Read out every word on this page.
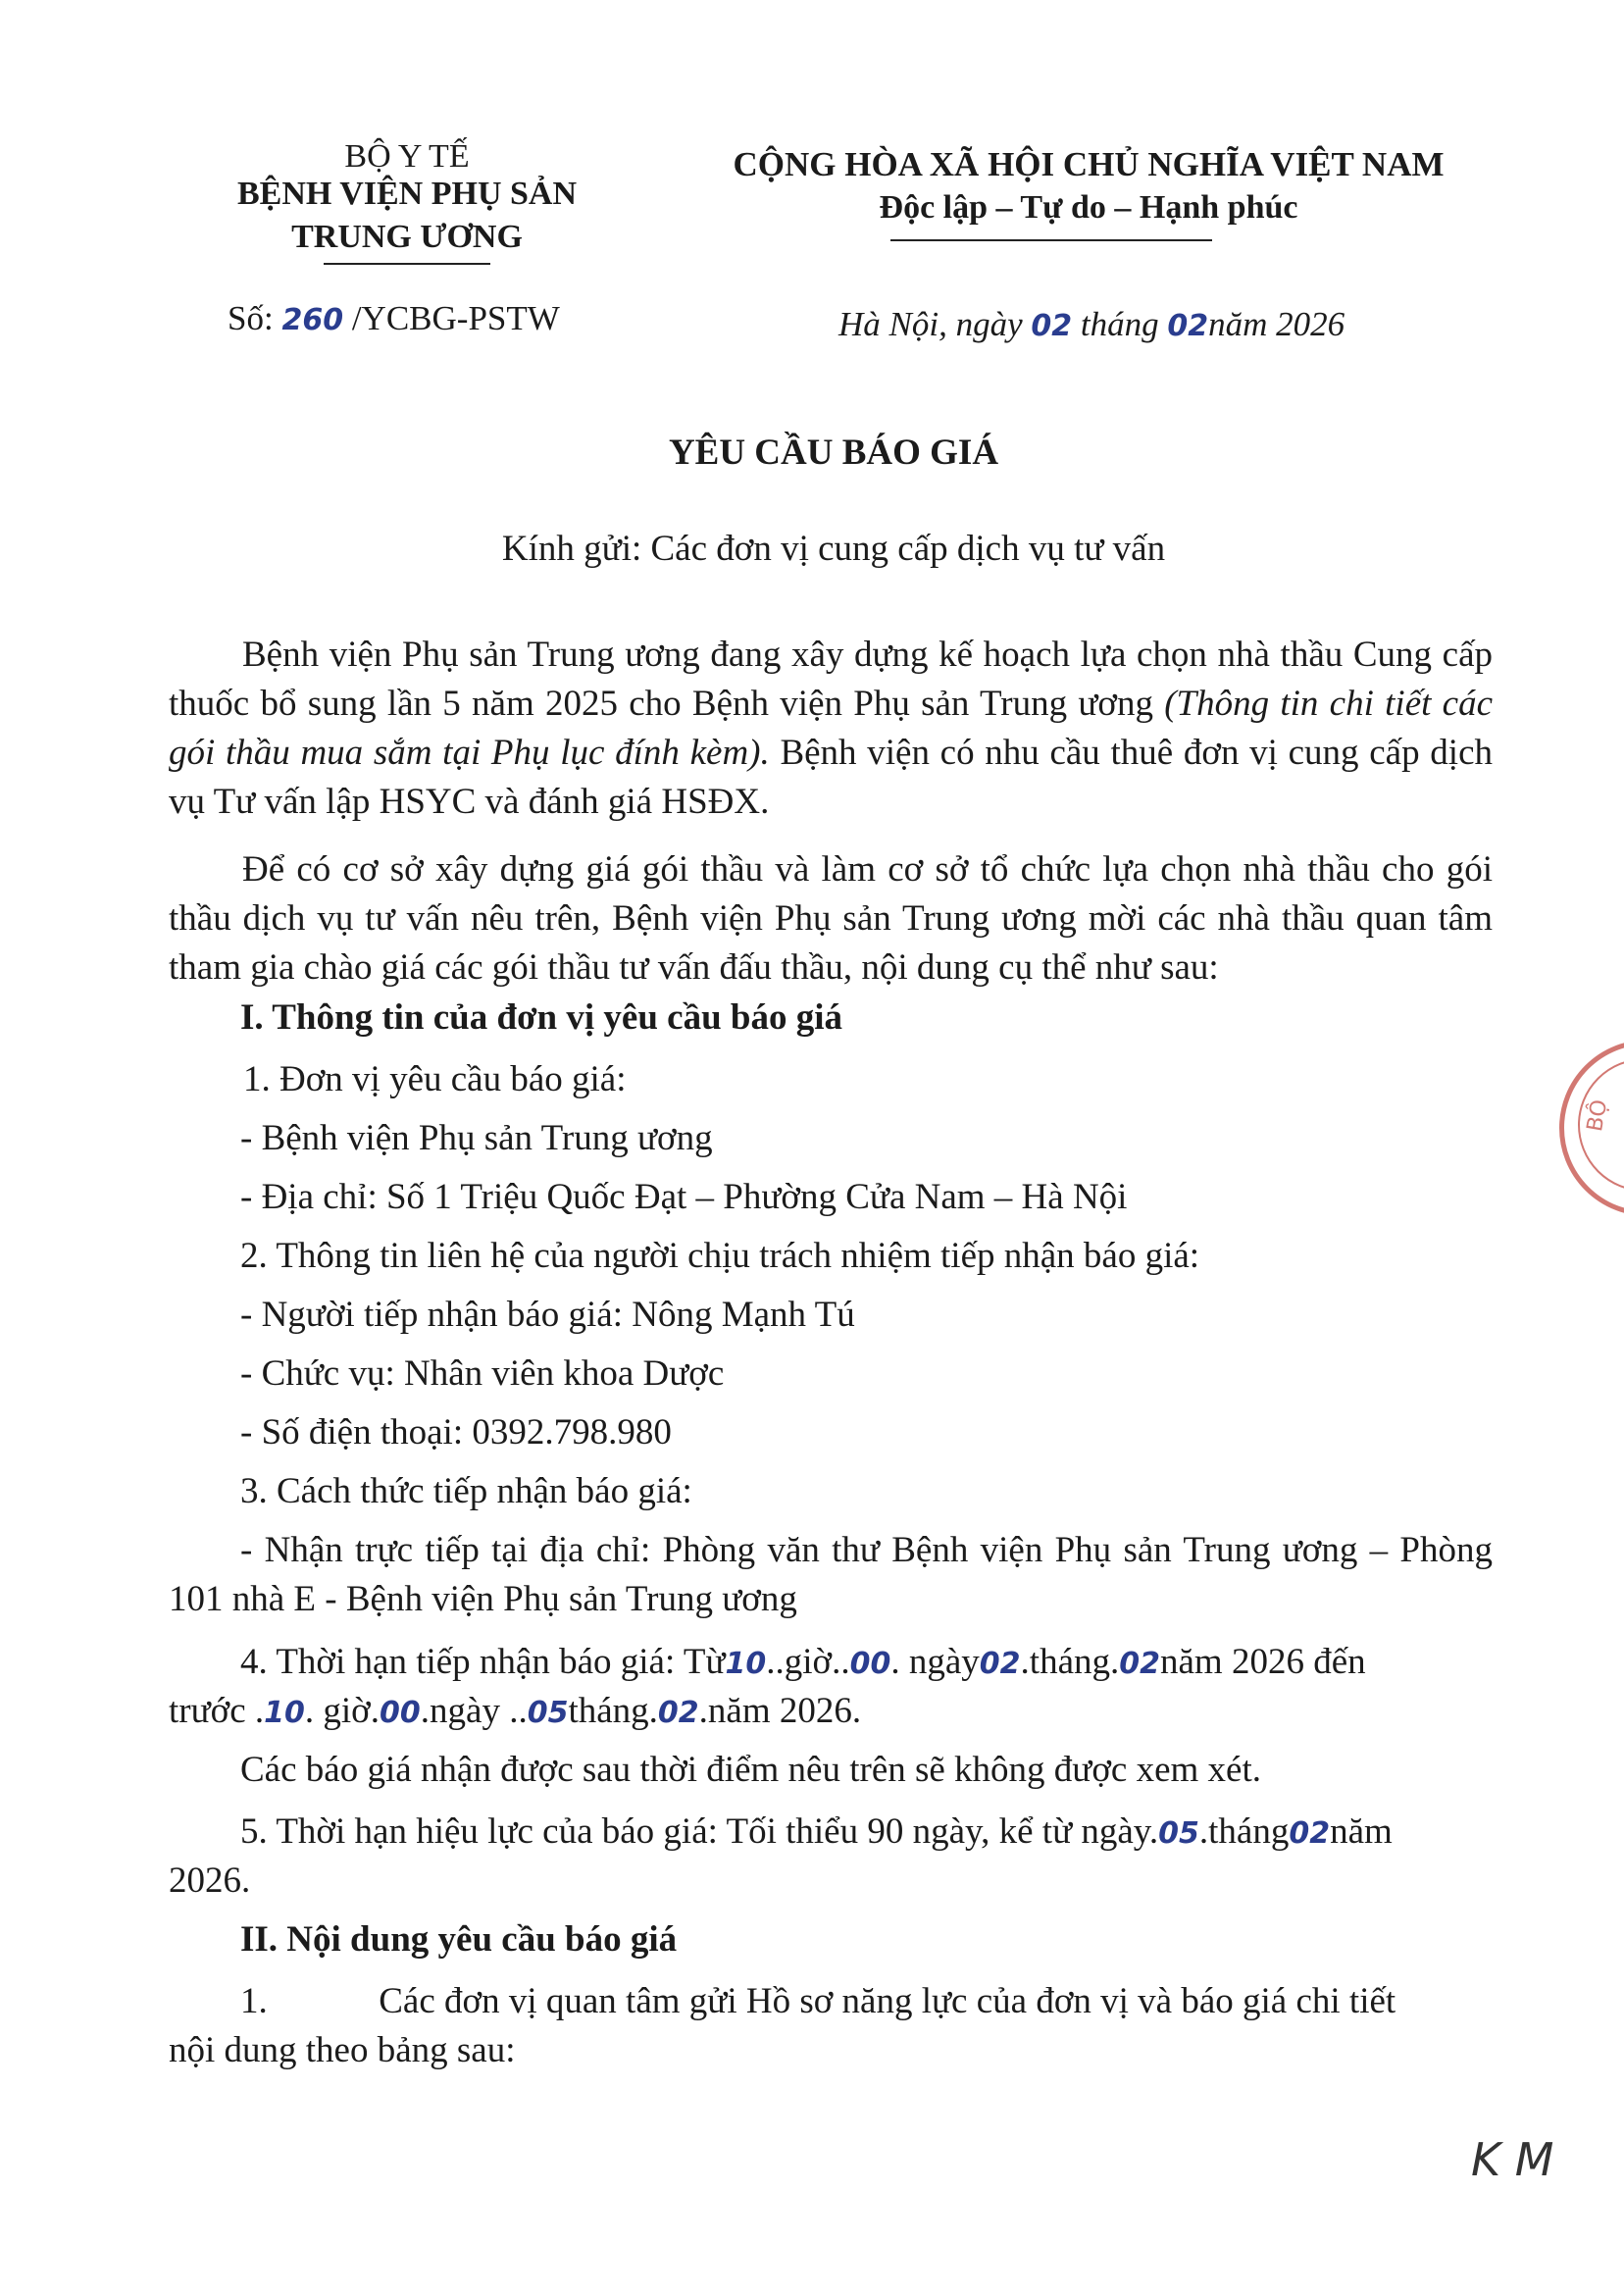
BỘ Y TẾ
BỆNH VIỆN PHỤ SẢN
TRUNG ƯƠNG
Số: 260 /YCBG-PSTW
CỘNG HÒA XÃ HỘI CHỦ NGHĨA VIỆT NAM
Độc lập – Tự do – Hạnh phúc
Hà Nội, ngày 02 tháng 02năm 2026
YÊU CẦU BÁO GIÁ
Kính gửi: Các đơn vị cung cấp dịch vụ tư vấn
Bệnh viện Phụ sản Trung ương đang xây dựng kế hoạch lựa chọn nhà thầu Cung cấp thuốc bổ sung lần 5 năm 2025 cho Bệnh viện Phụ sản Trung ương (Thông tin chi tiết các gói thầu mua sắm tại Phụ lục đính kèm). Bệnh viện có nhu cầu thuê đơn vị cung cấp dịch vụ Tư vấn lập HSYC và đánh giá HSĐX.
Để có cơ sở xây dựng giá gói thầu và làm cơ sở tổ chức lựa chọn nhà thầu cho gói thầu dịch vụ tư vấn nêu trên, Bệnh viện Phụ sản Trung ương mời các nhà thầu quan tâm tham gia chào giá các gói thầu tư vấn đấu thầu, nội dung cụ thể như sau:
I. Thông tin của đơn vị yêu cầu báo giá
1. Đơn vị yêu cầu báo giá:
- Bệnh viện Phụ sản Trung ương
- Địa chỉ: Số 1 Triệu Quốc Đạt – Phường Cửa Nam – Hà Nội
2. Thông tin liên hệ của người chịu trách nhiệm tiếp nhận báo giá:
- Người tiếp nhận báo giá: Nông Mạnh Tú
- Chức vụ: Nhân viên khoa Dược
- Số điện thoại: 0392.798.980
3. Cách thức tiếp nhận báo giá:
- Nhận trực tiếp tại địa chỉ: Phòng văn thư Bệnh viện Phụ sản Trung ương – Phòng 101 nhà E - Bệnh viện Phụ sản Trung ương
4. Thời hạn tiếp nhận báo giá: Từ10..giờ..00. ngày02.tháng.02năm 2026 đến
trước .10. giờ.00.ngày ..05tháng.02.năm 2026.
Các báo giá nhận được sau thời điểm nêu trên sẽ không được xem xét.
5. Thời hạn hiệu lực của báo giá: Tối thiểu 90 ngày, kể từ ngày.05.tháng02năm
2026.
II. Nội dung yêu cầu báo giá
1.	Các đơn vị quan tâm gửi Hồ sơ năng lực của đơn vị và báo giá chi tiết
nội dung theo bảng sau:
BỘ
K M
